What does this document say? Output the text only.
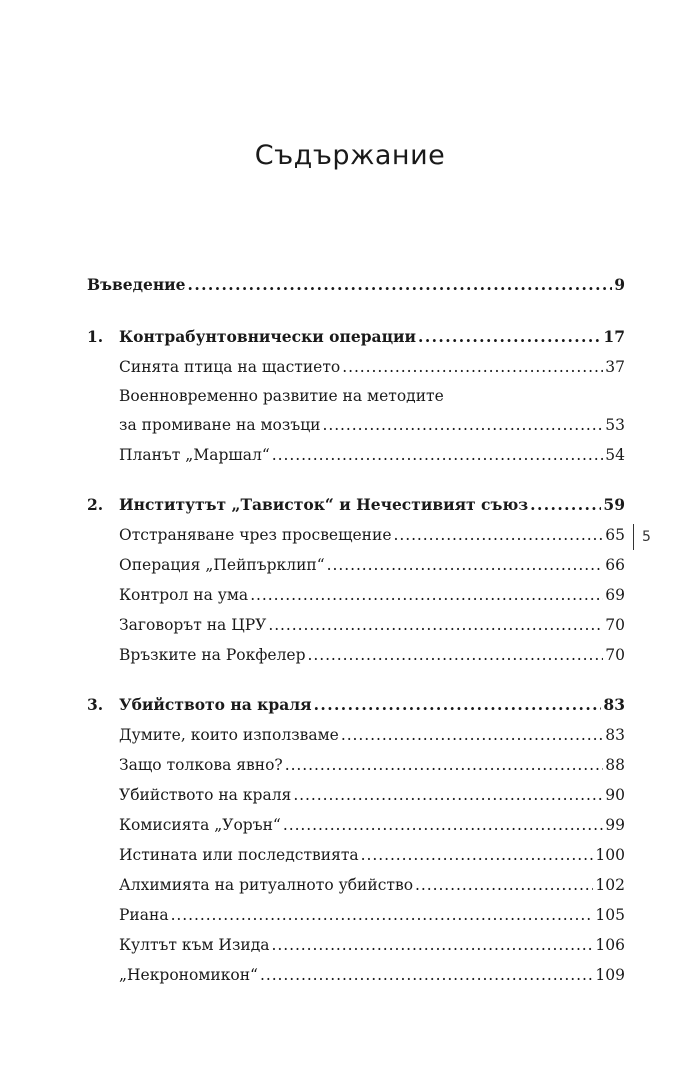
Съдържание
Въведение . . .	9
1.	Контрабунтовнически операции . . .	17
Синята птица на щастието . . .	37
Военновременно развитие на методите
за промиване на мозъци . . .	53
Планът „Маршал“ . . .	54
2.	Институтът „Тависток“ и Нечестивият съюз . . .	59
Отстраняване чрез просвещение . . .	65
Операция „Пейпърклип“ . . .	66
Контрол на ума . . .	69
Заговорът на ЦРУ . . .	70
Връзките на Рокфелер . . .	70
3.	Убийството на краля . . .	83
Думите, които използваме . . .	83
Защо толкова явно? . . .	88
Убийството на краля . . .	90
Комисията „Уорън“ . . .	99
Истината или последствията . . .	100
Алхимията на ритуалното убийство . . .	102
Риана . . .	105
Култът към Изида . . .	106
„Некрономикон“ . . .	109
5
